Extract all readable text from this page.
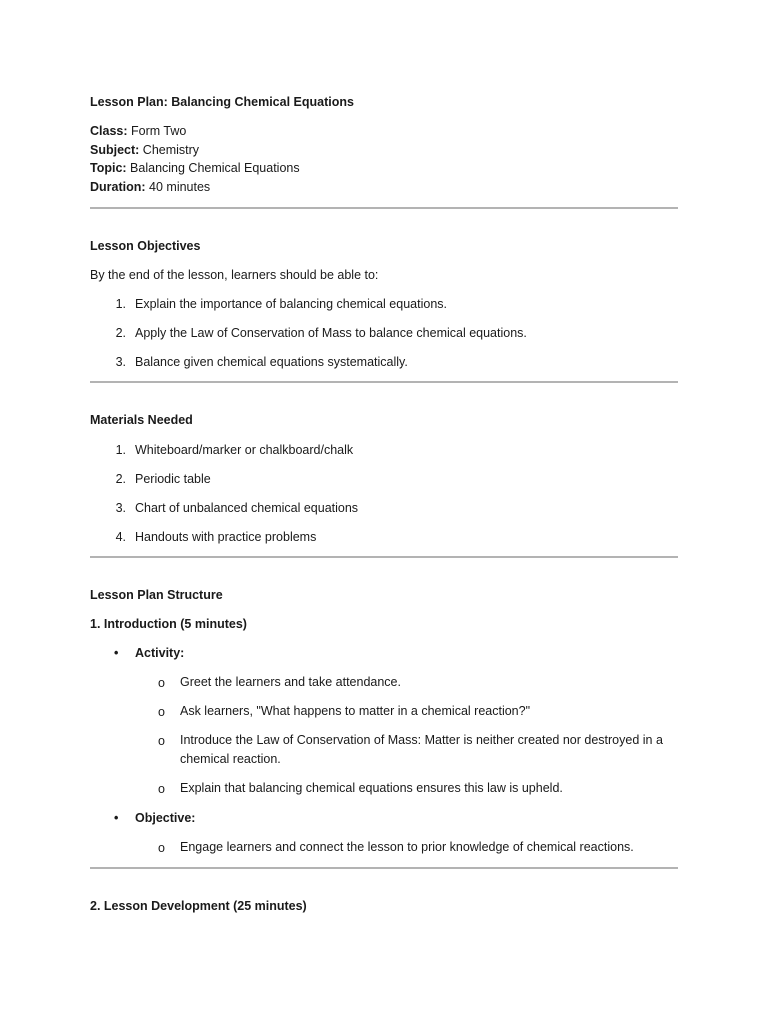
Lesson Plan: Balancing Chemical Equations
Class: Form Two
Subject: Chemistry
Topic: Balancing Chemical Equations
Duration: 40 minutes
Lesson Objectives
By the end of the lesson, learners should be able to:
1. Explain the importance of balancing chemical equations.
2. Apply the Law of Conservation of Mass to balance chemical equations.
3. Balance given chemical equations systematically.
Materials Needed
1. Whiteboard/marker or chalkboard/chalk
2. Periodic table
3. Chart of unbalanced chemical equations
4. Handouts with practice problems
Lesson Plan Structure
1. Introduction (5 minutes)
• Activity:
o Greet the learners and take attendance.
o Ask learners, "What happens to matter in a chemical reaction?"
o Introduce the Law of Conservation of Mass: Matter is neither created nor destroyed in a chemical reaction.
o Explain that balancing chemical equations ensures this law is upheld.
• Objective:
o Engage learners and connect the lesson to prior knowledge of chemical reactions.
2. Lesson Development (25 minutes)
